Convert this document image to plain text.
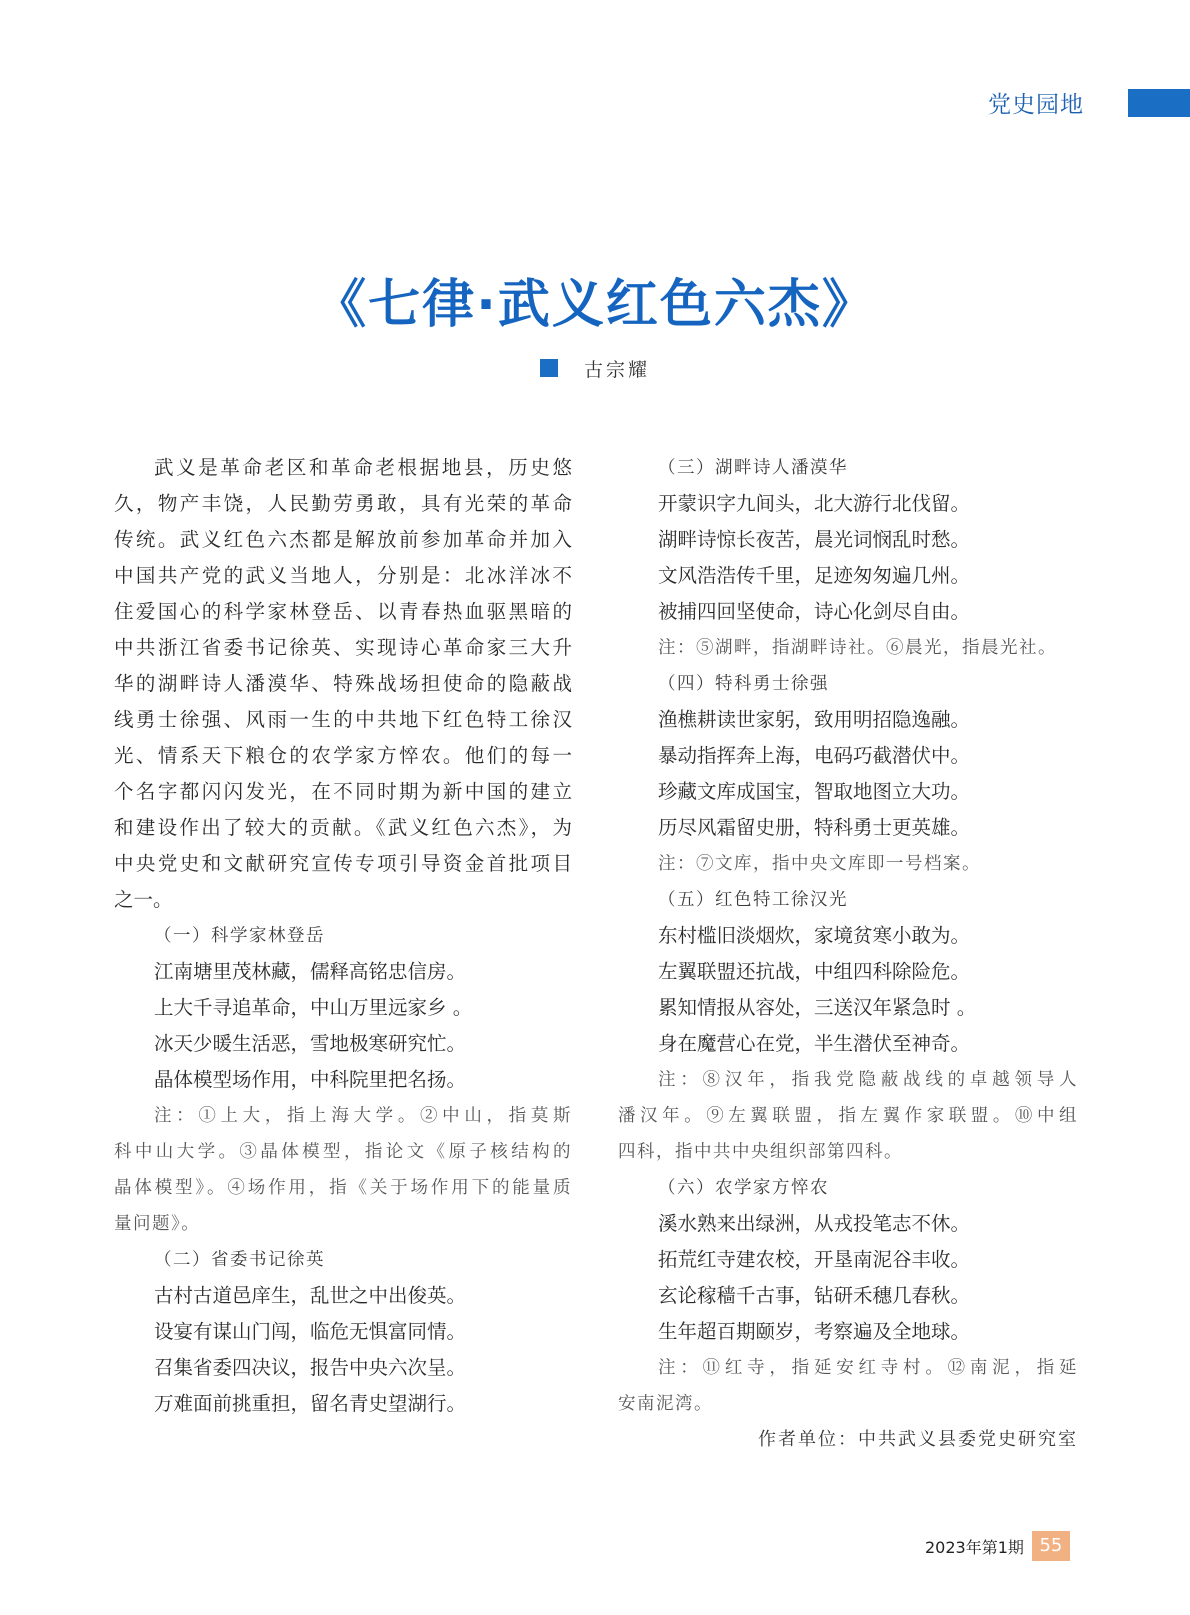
党史园地
《七律·武义红色六杰》
古宗耀
武义是革命老区和革命老根据地县，历史悠
久，物产丰饶，人民勤劳勇敢，具有光荣的革命
传统。武义红色六杰都是解放前参加革命并加入
中国共产党的武义当地人，分别是：北冰洋冰不
住爱国心的科学家林登岳、以青春热血驱黑暗的
中共浙江省委书记徐英、实现诗心革命家三大升
华的湖畔诗人潘漠华、特殊战场担使命的隐蔽战
线勇士徐强、风雨一生的中共地下红色特工徐汉
光、情系天下粮仓的农学家方悴农。他们的每一
个名字都闪闪发光，在不同时期为新中国的建立
和建设作出了较大的贡献。《武义红色六杰》，为
中央党史和文献研究宣传专项引导资金首批项目
之一。
（一）科学家林登岳
江南塘里茂林藏，儒释高铭忠信房。
上大千寻追革命，中山万里远家乡 。
冰天少暖生活恶，雪地极寒研究忙。
晶体模型场作用，中科院里把名扬。
注：①上大，指上海大学。②中山，指莫斯
科中山大学。③晶体模型，指论文《原子核结构的
晶体模型》。④场作用，指《关于场作用下的能量质
量问题》。
（二）省委书记徐英
古村古道邑庠生，乱世之中出俊英。
设宴有谋山门闯，临危无惧富同情。
召集省委四决议，报告中央六次呈。
万难面前挑重担，留名青史望湖行。
（三）湖畔诗人潘漠华
开蒙识字九间头，北大游行北伐留。
湖畔诗惊长夜苦，晨光词悯乱时愁。
文风浩浩传千里，足迹匆匆遍几州。
被捕四回坚使命，诗心化剑尽自由。
注：⑤湖畔，指湖畔诗社。⑥晨光，指晨光社。
（四）特科勇士徐强
渔樵耕读世家躬，致用明招隐逸融。
暴动指挥奔上海，电码巧截潜伏中。
珍藏文库成国宝，智取地图立大功。
历尽风霜留史册，特科勇士更英雄。
注：⑦文库，指中央文库即一号档案。
（五）红色特工徐汉光
东村槛旧淡烟炊，家境贫寒小敢为。
左翼联盟还抗战，中组四科除险危。
累知情报从容处，三送汉年紧急时 。
身在魔营心在党，半生潜伏至神奇。
注：⑧汉年，指我党隐蔽战线的卓越领导人
潘汉年。⑨左翼联盟，指左翼作家联盟。⑩中组
四科，指中共中央组织部第四科。
（六）农学家方悴农
溪水熟来出绿洲，从戎投笔志不休。
拓荒红寺建农校，开垦南泥谷丰收。
玄论稼穑千古事，钻研禾穗几春秋。
生年超百期颐岁，考察遍及全地球。
注：⑪红寺，指延安红寺村。⑫南泥，指延
安南泥湾。
作者单位：中共武义县委党史研究室
2023年第1期 55
